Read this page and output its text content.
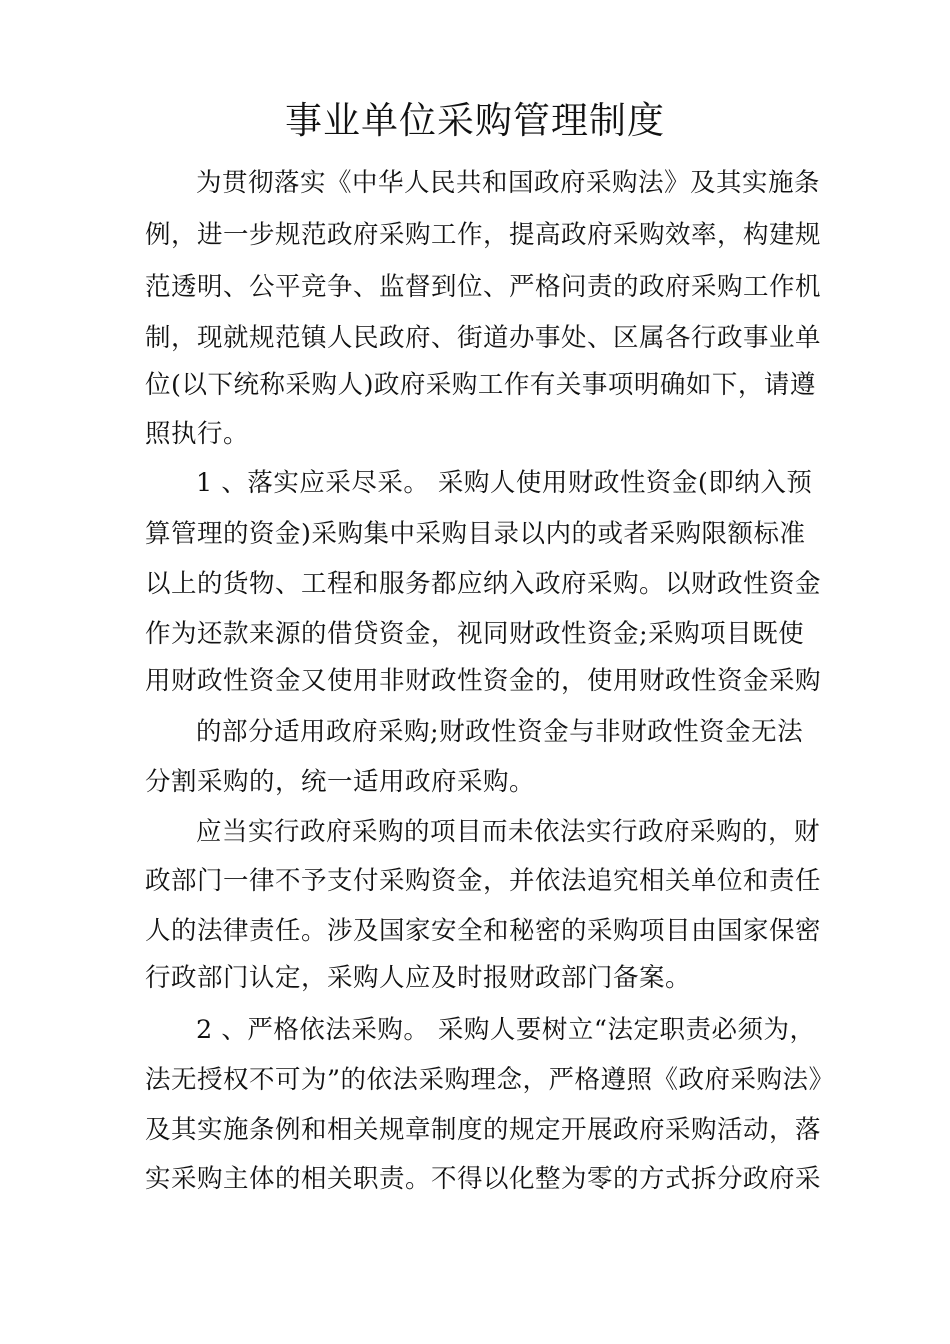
事业单位采购管理制度
为贯彻落实《中华人民共和国政府采购法》及其实施条
例，进一步规范政府采购工作，提高政府采购效率，构建规
范透明、公平竞争、监督到位、严格问责的政府采购工作机
制，现就规范镇人民政府、街道办事处、区属各行政事业单
位(以下统称采购人)政府采购工作有关事项明确如下，请遵
照执行。
1 、落实应采尽采。 采购人使用财政性资金(即纳入预
算管理的资金)采购集中采购目录以内的或者采购限额标准
以上的货物、工程和服务都应纳入政府采购。以财政性资金
作为还款来源的借贷资金，视同财政性资金;采购项目既使
用财政性资金又使用非财政性资金的，使用财政性资金采购
的部分适用政府采购;财政性资金与非财政性资金无法
分割采购的，统一适用政府采购。
应当实行政府采购的项目而未依法实行政府采购的，财
政部门一律不予支付采购资金，并依法追究相关单位和责任
人的法律责任。涉及国家安全和秘密的采购项目由国家保密
行政部门认定，采购人应及时报财政部门备案。
2 、严格依法采购。 采购人要树立“法定职责必须为，
法无授权不可为”的依法采购理念，严格遵照《政府采购法》
及其实施条例和相关规章制度的规定开展政府采购活动，落
实采购主体的相关职责。不得以化整为零的方式拆分政府采
